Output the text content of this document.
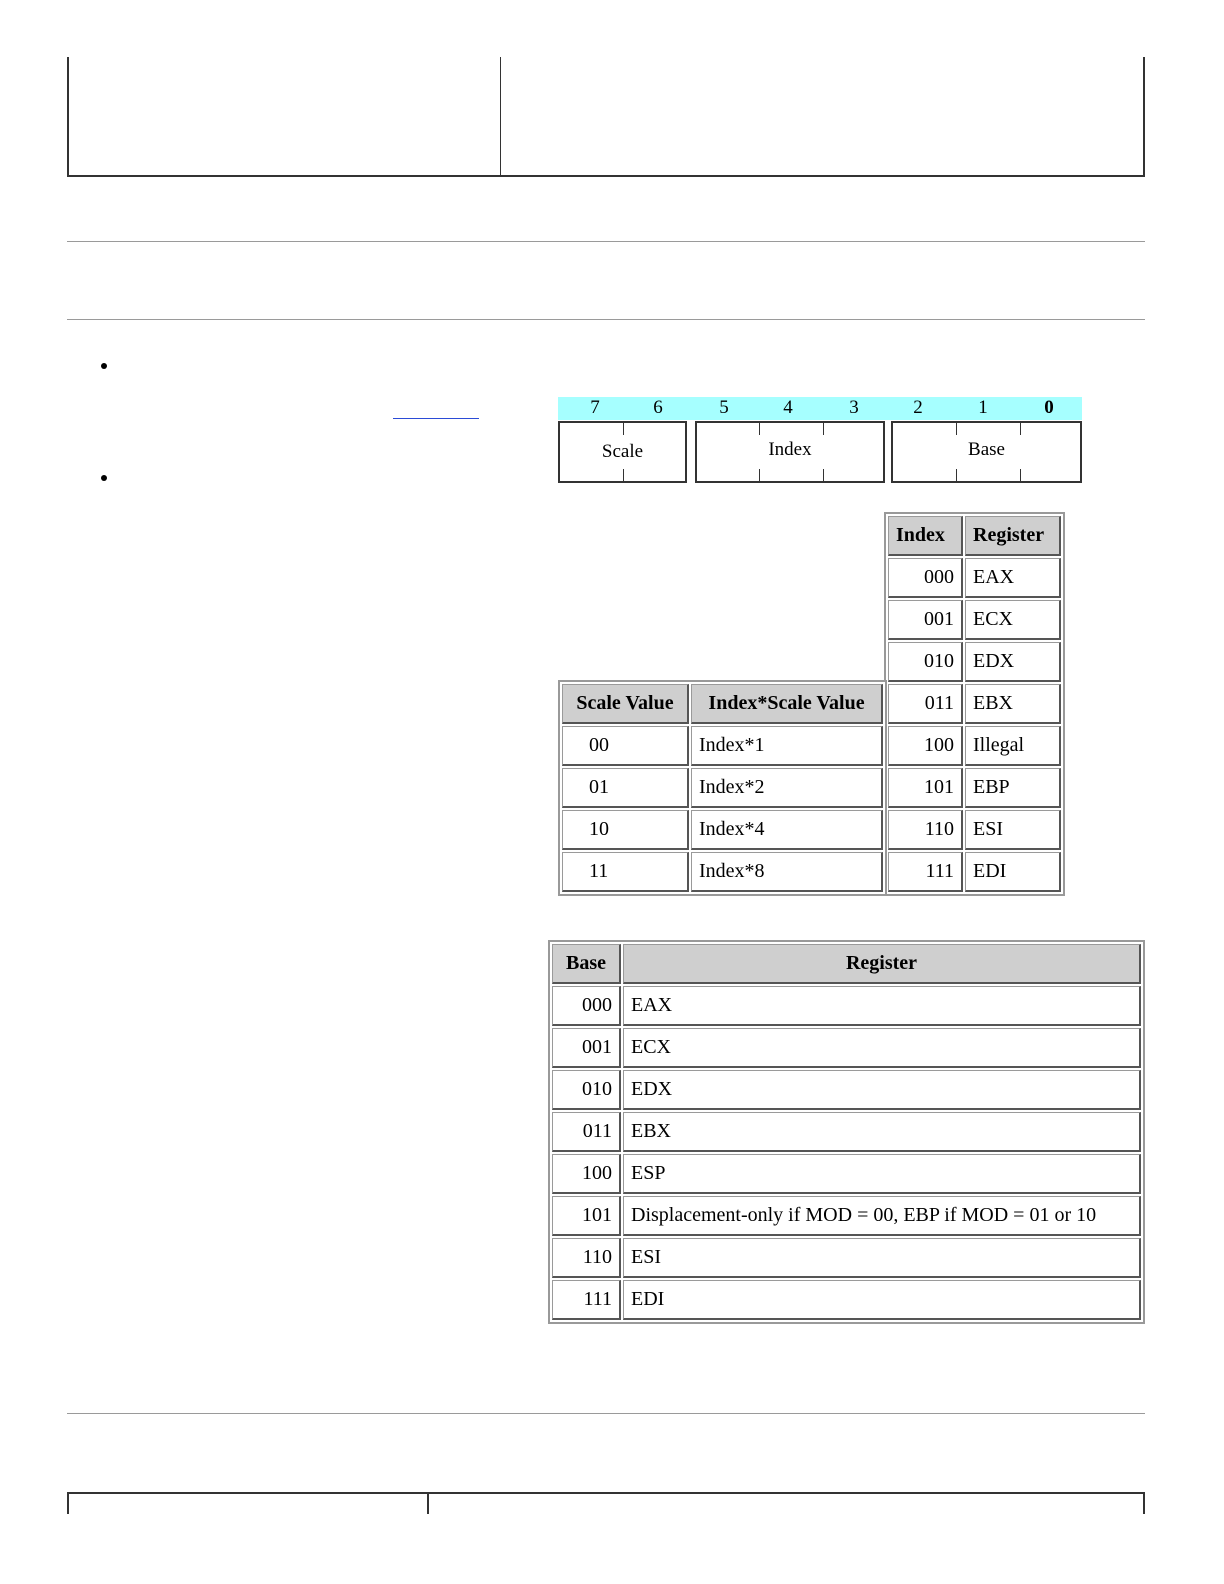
7	6	5	4	3	2	1	0
Scale	Index	Base
Index	Register
000	EAX
001	ECX
010	EDX
011	EBX
100	Illegal
101	EBP
110	ESI
111	EDI
Scale Value	Index*Scale Value
00	Index*1
01	Index*2
10	Index*4
11	Index*8
Base	Register
000	EAX
001	ECX
010	EDX
011	EBX
100	ESP
101	Displacement-only if MOD = 00, EBP if MOD = 01 or 10
110	ESI
111	EDI
